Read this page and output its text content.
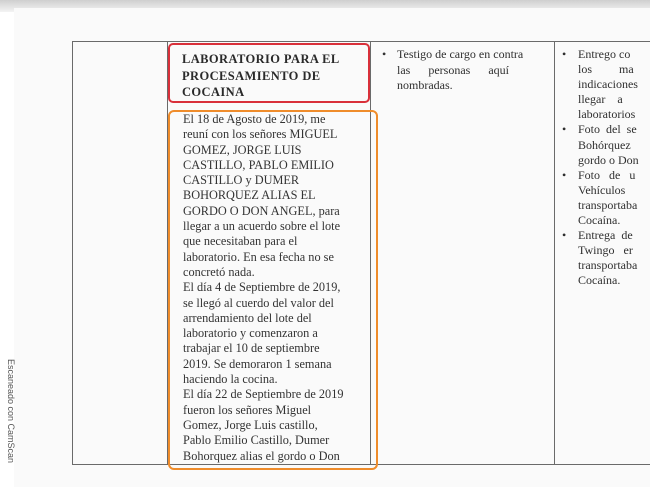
LABORATORIO PARA EL
PROCESAMIENTO DE
COCAINA
El 18 de Agosto de 2019, me
reuní con los señores MIGUEL
GOMEZ, JORGE LUIS
CASTILLO, PABLO EMILIO
CASTILLO y DUMER
BOHORQUEZ ALIAS EL
GORDO O DON ANGEL, para
llegar a un acuerdo sobre el lote
que necesitaban para el
laboratorio. En esa fecha no se
concretó nada.
El día 4 de Septiembre de 2019,
se llegó al cuerdo del valor del
arrendamiento del lote del
laboratorio y comenzaron a
trabajar el 10 de septiembre
2019. Se demoraron 1 semana
haciendo la cocina.
El día 22 de Septiembre de 2019
fueron los señores Miguel
Gomez, Jorge Luis castillo,
Pablo Emilio Castillo, Dumer
Bohorquez alias el gordo o Don
• Testigo de cargo en contra
las      personas      aquí
nombradas.
• Entrego co
los         ma
indicaciones
llegar    a
laboratorios
• Foto  del  se
Bohórquez
gordo o Don
• Foto   de   u
Vehículos
transportaba
Cocaína.
• Entrega  de
Twingo   er
transportaba
Cocaína.
Escaneado con CamScan
